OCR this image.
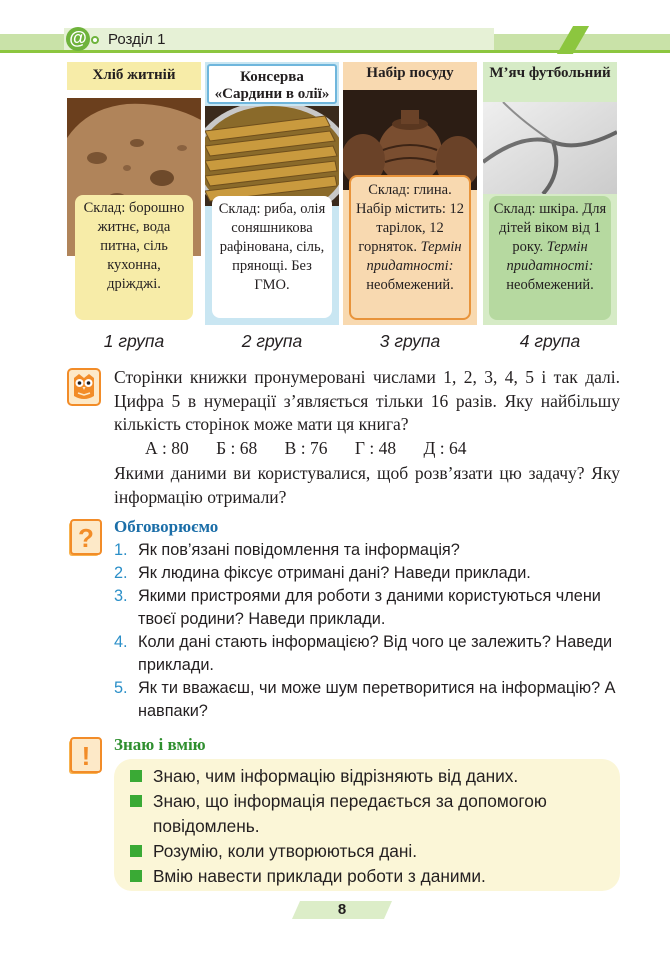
@ Розділ 1
Хліб житній
Склад: борошно житнє, вода питна, сіль кухонна, дріжджі.
Консерва «Сардини в олії»
Склад: риба, олія соняшникова рафінована, сіль, прянощі. Без ГМО.
Набір посуду
Склад: глина. Набір містить: 12 тарілок, 12 горняток. Термін придатності: необмежений.
М’яч футбольний
Склад: шкіра. Для дітей віком від 1 року. Термін придатності: необмежений.
1 група	2 група	3 група	4 група
Сторінки книжки пронумеровані числами 1, 2, 3, 4, 5 і так далі. Цифра 5 в нумерації з’являється тільки 16 разів. Яку найбільшу кількість сторінок може мати ця книга?
А : 80 Б : 68 В : 76 Г : 48 Д : 64
Якими даними ви користувалися, щоб розв’язати цю задачу? Яку інформацію отримали?
? Обговорюємо
1. Як пов’язані повідомлення та інформація?
2. Як людина фіксує отримані дані? Наведи приклади.
3. Якими пристроями для роботи з даними користуються члени твоєї родини? Наведи приклади.
4. Коли дані стають інформацією? Від чого це залежить? Наведи приклади.
5. Як ти вважаєш, чи може шум перетворитися на інформацію? А навпаки?
! Знаю і вмію
Знаю, чим інформацію відрізняють від даних.
Знаю, що інформація передається за допомогою повідомлень.
Розумію, коли утворюються дані.
Вмію навести приклади роботи з даними.
8
